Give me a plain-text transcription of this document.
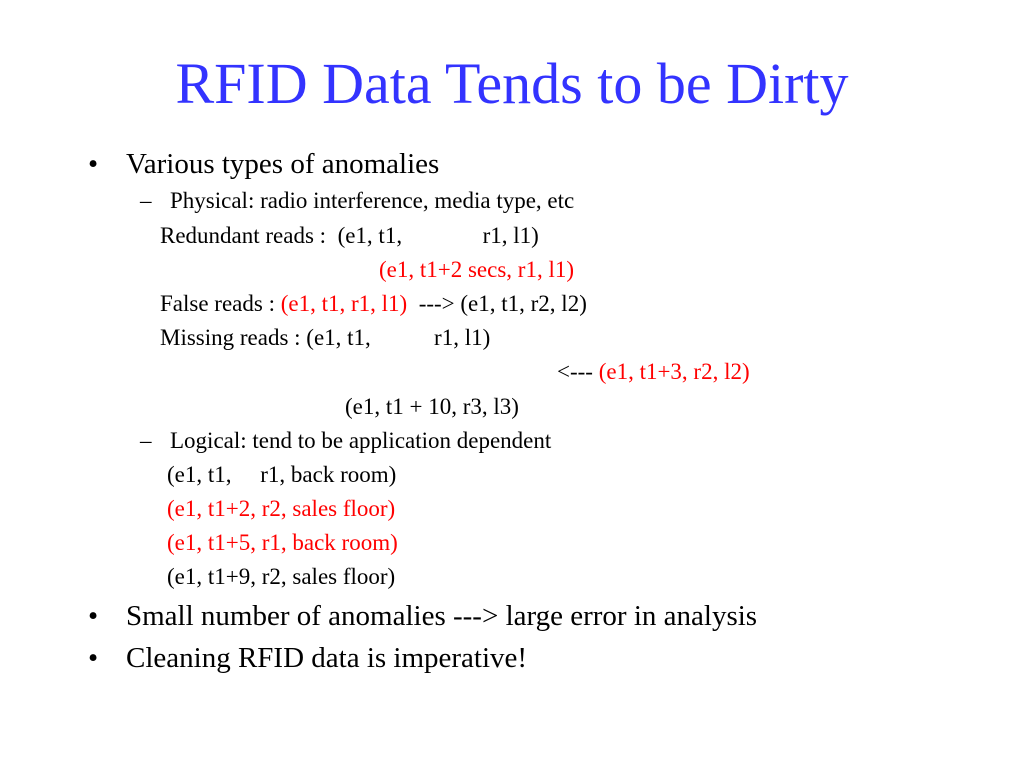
RFID Data Tends to be Dirty
• Various types of anomalies
– Physical: radio interference, media type, etc
Redundant reads :  (e1, t1,              r1, l1)
(e1, t1+2 secs, r1, l1)
False reads : (e1, t1, r1, l1)  ---> (e1, t1, r2, l2)
Missing reads : (e1, t1,           r1, l1)
<--- (e1, t1+3, r2, l2)
(e1, t1 + 10, r3, l3)
– Logical: tend to be application dependent
(e1, t1,     r1, back room)
(e1, t1+2, r2, sales floor)
(e1, t1+5, r1, back room)
(e1, t1+9, r2, sales floor)
• Small number of anomalies ---> large error in analysis
• Cleaning RFID data is imperative!
